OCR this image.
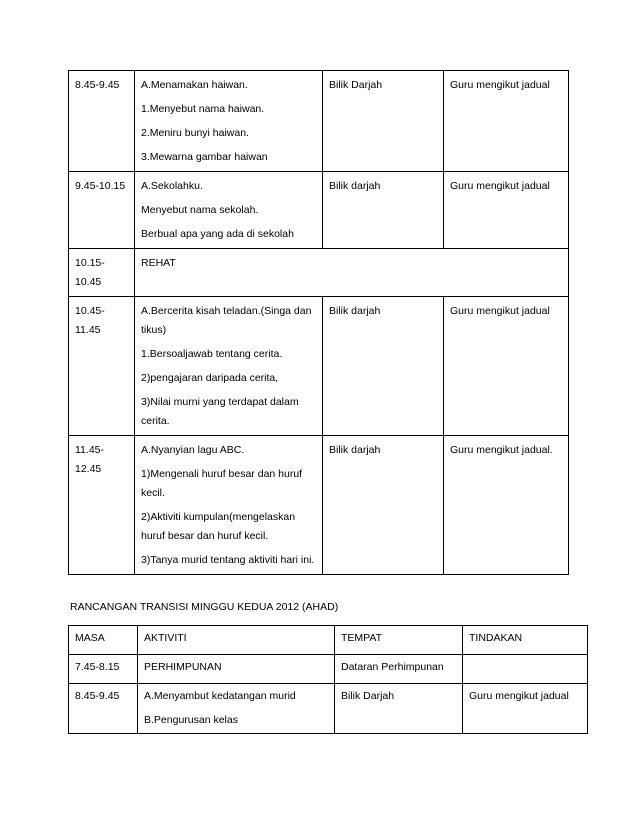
8.45-9.45	A.Menamakan haiwan.
1.Menyebut nama haiwan.
2.Meniru bunyi haiwan.
3.Mewarna gambar haiwan	Bilik Darjah	Guru mengikut jadual
9.45-10.15	A.Sekolahku.
Menyebut nama sekolah.
Berbual apa yang ada di sekolah	Bilik darjah	Guru mengikut jadual

10.15-10.45	REHAT		

10.45-11.45	A.Bercerita kisah teladan.(Singa dan tikus)
1.Bersoaljawab tentang cerita.
2)pengajaran daripada cerita,
3)Nilai murni yang terdapat dalam cerita.	Bilik darjah	Guru mengikut jadual

11.45-12.45	A.Nyanyian lagu ABC.
1)Mengenali huruf besar dan huruf kecil.
2)Aktiviti kumpulan(mengelaskan huruf besar dan huruf kecil.
3)Tanya murid tentang aktiviti hari ini.	Bilik darjah	Guru mengikut jadual.
RANCANGAN TRANSISI MINGGU KEDUA 2012 (AHAD)
MASA	AKTIVITI	TEMPAT	TINDAKAN
7.45-8.15	PERHIMPUNAN	Dataran Perhimpunan	
8.45-9.45	A.Menyambut kedatangan murid
B.Pengurusan kelas	Bilik Darjah	Guru mengikut jadual
